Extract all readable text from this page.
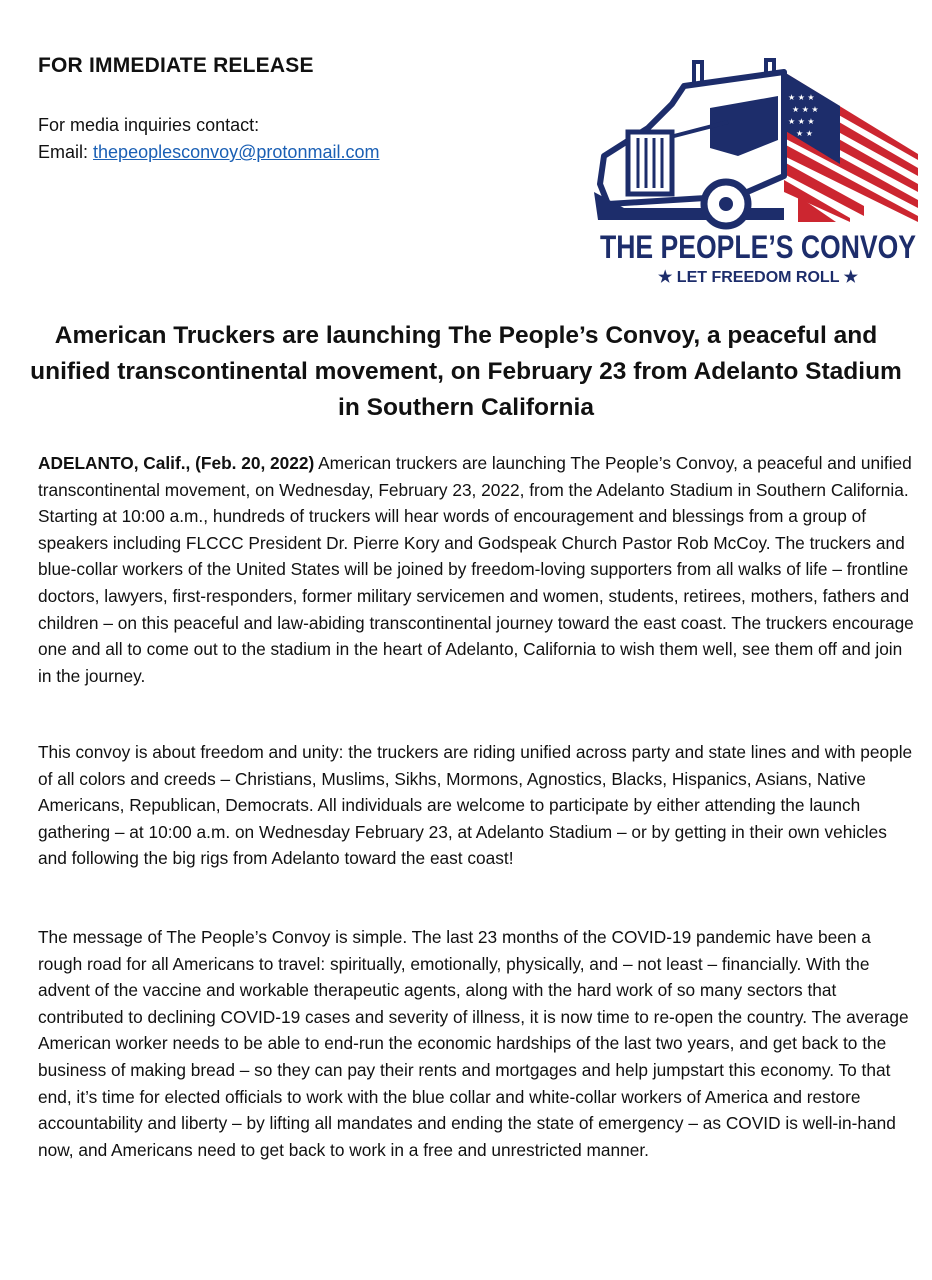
FOR IMMEDIATE RELEASE
For media inquiries contact:
Email: thepeoplesconvoy@protonmail.com
★ ★ ★
★ ★ ★
★ ★ ★
★ ★
THE PEOPLE’S CONVOY
★ LET FREEDOM ROLL ★
American Truckers are launching The People’s Convoy, a peaceful and unified transcontinental movement, on February 23 from Adelanto Stadium in Southern California

ADELANTO, Calif., (Feb. 20, 2022) American truckers are launching The People’s Convoy, a peaceful and unified transcontinental movement, on Wednesday, February 23, 2022, from the Adelanto Stadium in Southern California. Starting at 10:00 a.m., hundreds of truckers will hear words of encouragement and blessings from a group of speakers including FLCCC President Dr. Pierre Kory and Godspeak Church Pastor Rob McCoy. The truckers and blue-collar workers of the United States will be joined by freedom-loving supporters from all walks of life – frontline doctors, lawyers, first-responders, former military servicemen and women, students, retirees, mothers, fathers and children – on this peaceful and law-abiding transcontinental journey toward the east coast. The truckers encourage one and all to come out to the stadium in the heart of Adelanto, California to wish them well, see them off and join in the journey.

This convoy is about freedom and unity: the truckers are riding unified across party and state lines and with people of all colors and creeds – Christians, Muslims, Sikhs, Mormons, Agnostics, Blacks, Hispanics, Asians, Native Americans, Republican, Democrats. All individuals are welcome to participate by either attending the launch gathering – at 10:00 a.m. on Wednesday February 23, at Adelanto Stadium – or by getting in their own vehicles and following the big rigs from Adelanto toward the east coast!

The message of The People’s Convoy is simple. The last 23 months of the COVID-19 pandemic have been a rough road for all Americans to travel: spiritually, emotionally, physically, and – not least – financially. With the advent of the vaccine and workable therapeutic agents, along with the hard work of so many sectors that contributed to declining COVID-19 cases and severity of illness, it is now time to re-open the country. The average American worker needs to be able to end-run the economic hardships of the last two years, and get back to the business of making bread – so they can pay their rents and mortgages and help jumpstart this economy. To that end, it’s time for elected officials to work with the blue collar and white-collar workers of America and restore accountability and liberty – by lifting all mandates and ending the state of emergency – as COVID is well-in-hand now, and Americans need to get back to work in a free and unrestricted manner.
